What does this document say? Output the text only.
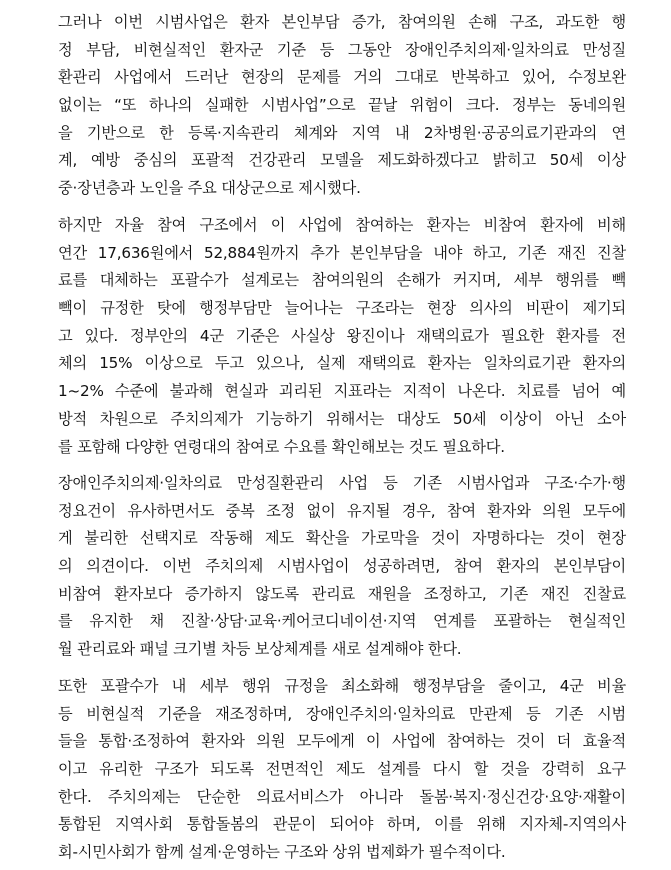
그러나 이번 시범사업은 환자 본인부담 증가, 참여의원 손해 구조, 과도한 행
정 부담, 비현실적인 환자군 기준 등 그동안 장애인주치의제·일차의료 만성질
환관리 사업에서 드러난 현장의 문제를 거의 그대로 반복하고 있어, 수정보완
없이는 “또 하나의 실패한 시범사업”으로 끝날 위험이 크다. 정부는 동네의원
을 기반으로 한 등록·지속관리 체계와 지역 내 2차병원·공공의료기관과의 연
계, 예방 중심의 포괄적 건강관리 모델을 제도화하겠다고 밝히고 50세 이상
중·장년층과 노인을 주요 대상군으로 제시했다.
하지만 자율 참여 구조에서 이 사업에 참여하는 환자는 비참여 환자에 비해
연간 17,636원에서 52,884원까지 추가 본인부담을 내야 하고, 기존 재진 진찰
료를 대체하는 포괄수가 설계로는 참여의원의 손해가 커지며, 세부 행위를 빽
빽이 규정한 탓에 행정부담만 늘어나는 구조라는 현장 의사의 비판이 제기되
고 있다. 정부안의 4군 기준은 사실상 왕진이나 재택의료가 필요한 환자를 전
체의 15% 이상으로 두고 있으나, 실제 재택의료 환자는 일차의료기관 환자의
1~2% 수준에 불과해 현실과 괴리된 지표라는 지적이 나온다. 치료를 넘어 예
방적 차원으로 주치의제가 기능하기 위해서는 대상도 50세 이상이 아닌 소아
를 포함해 다양한 연령대의 참여로 수요를 확인해보는 것도 필요하다.
장애인주치의제·일차의료 만성질환관리 사업 등 기존 시범사업과 구조·수가·행
정요건이 유사하면서도 중복 조정 없이 유지될 경우, 참여 환자와 의원 모두에
게 불리한 선택지로 작동해 제도 확산을 가로막을 것이 자명하다는 것이 현장
의 의견이다. 이번 주치의제 시범사업이 성공하려면, 참여 환자의 본인부담이
비참여 환자보다 증가하지 않도록 관리료 재원을 조정하고, 기존 재진 진찰료
를 유지한 채 진찰·상담·교육·케어코디네이션·지역 연계를 포괄하는 현실적인
월 관리료와 패널 크기별 차등 보상체계를 새로 설계해야 한다.
또한 포괄수가 내 세부 행위 규정을 최소화해 행정부담을 줄이고, 4군 비율
등 비현실적 기준을 재조정하며, 장애인주치의·일차의료 만관제 등 기존 시범
들을 통합·조정하여 환자와 의원 모두에게 이 사업에 참여하는 것이 더 효율적
이고 유리한 구조가 되도록 전면적인 제도 설계를 다시 할 것을 강력히 요구
한다. 주치의제는 단순한 의료서비스가 아니라 돌봄·복지·정신건강·요양·재활이
통합된 지역사회 통합돌봄의 관문이 되어야 하며, 이를 위해 지자체-지역의사
회-시민사회가 함께 설계·운영하는 구조와 상위 법제화가 필수적이다.
